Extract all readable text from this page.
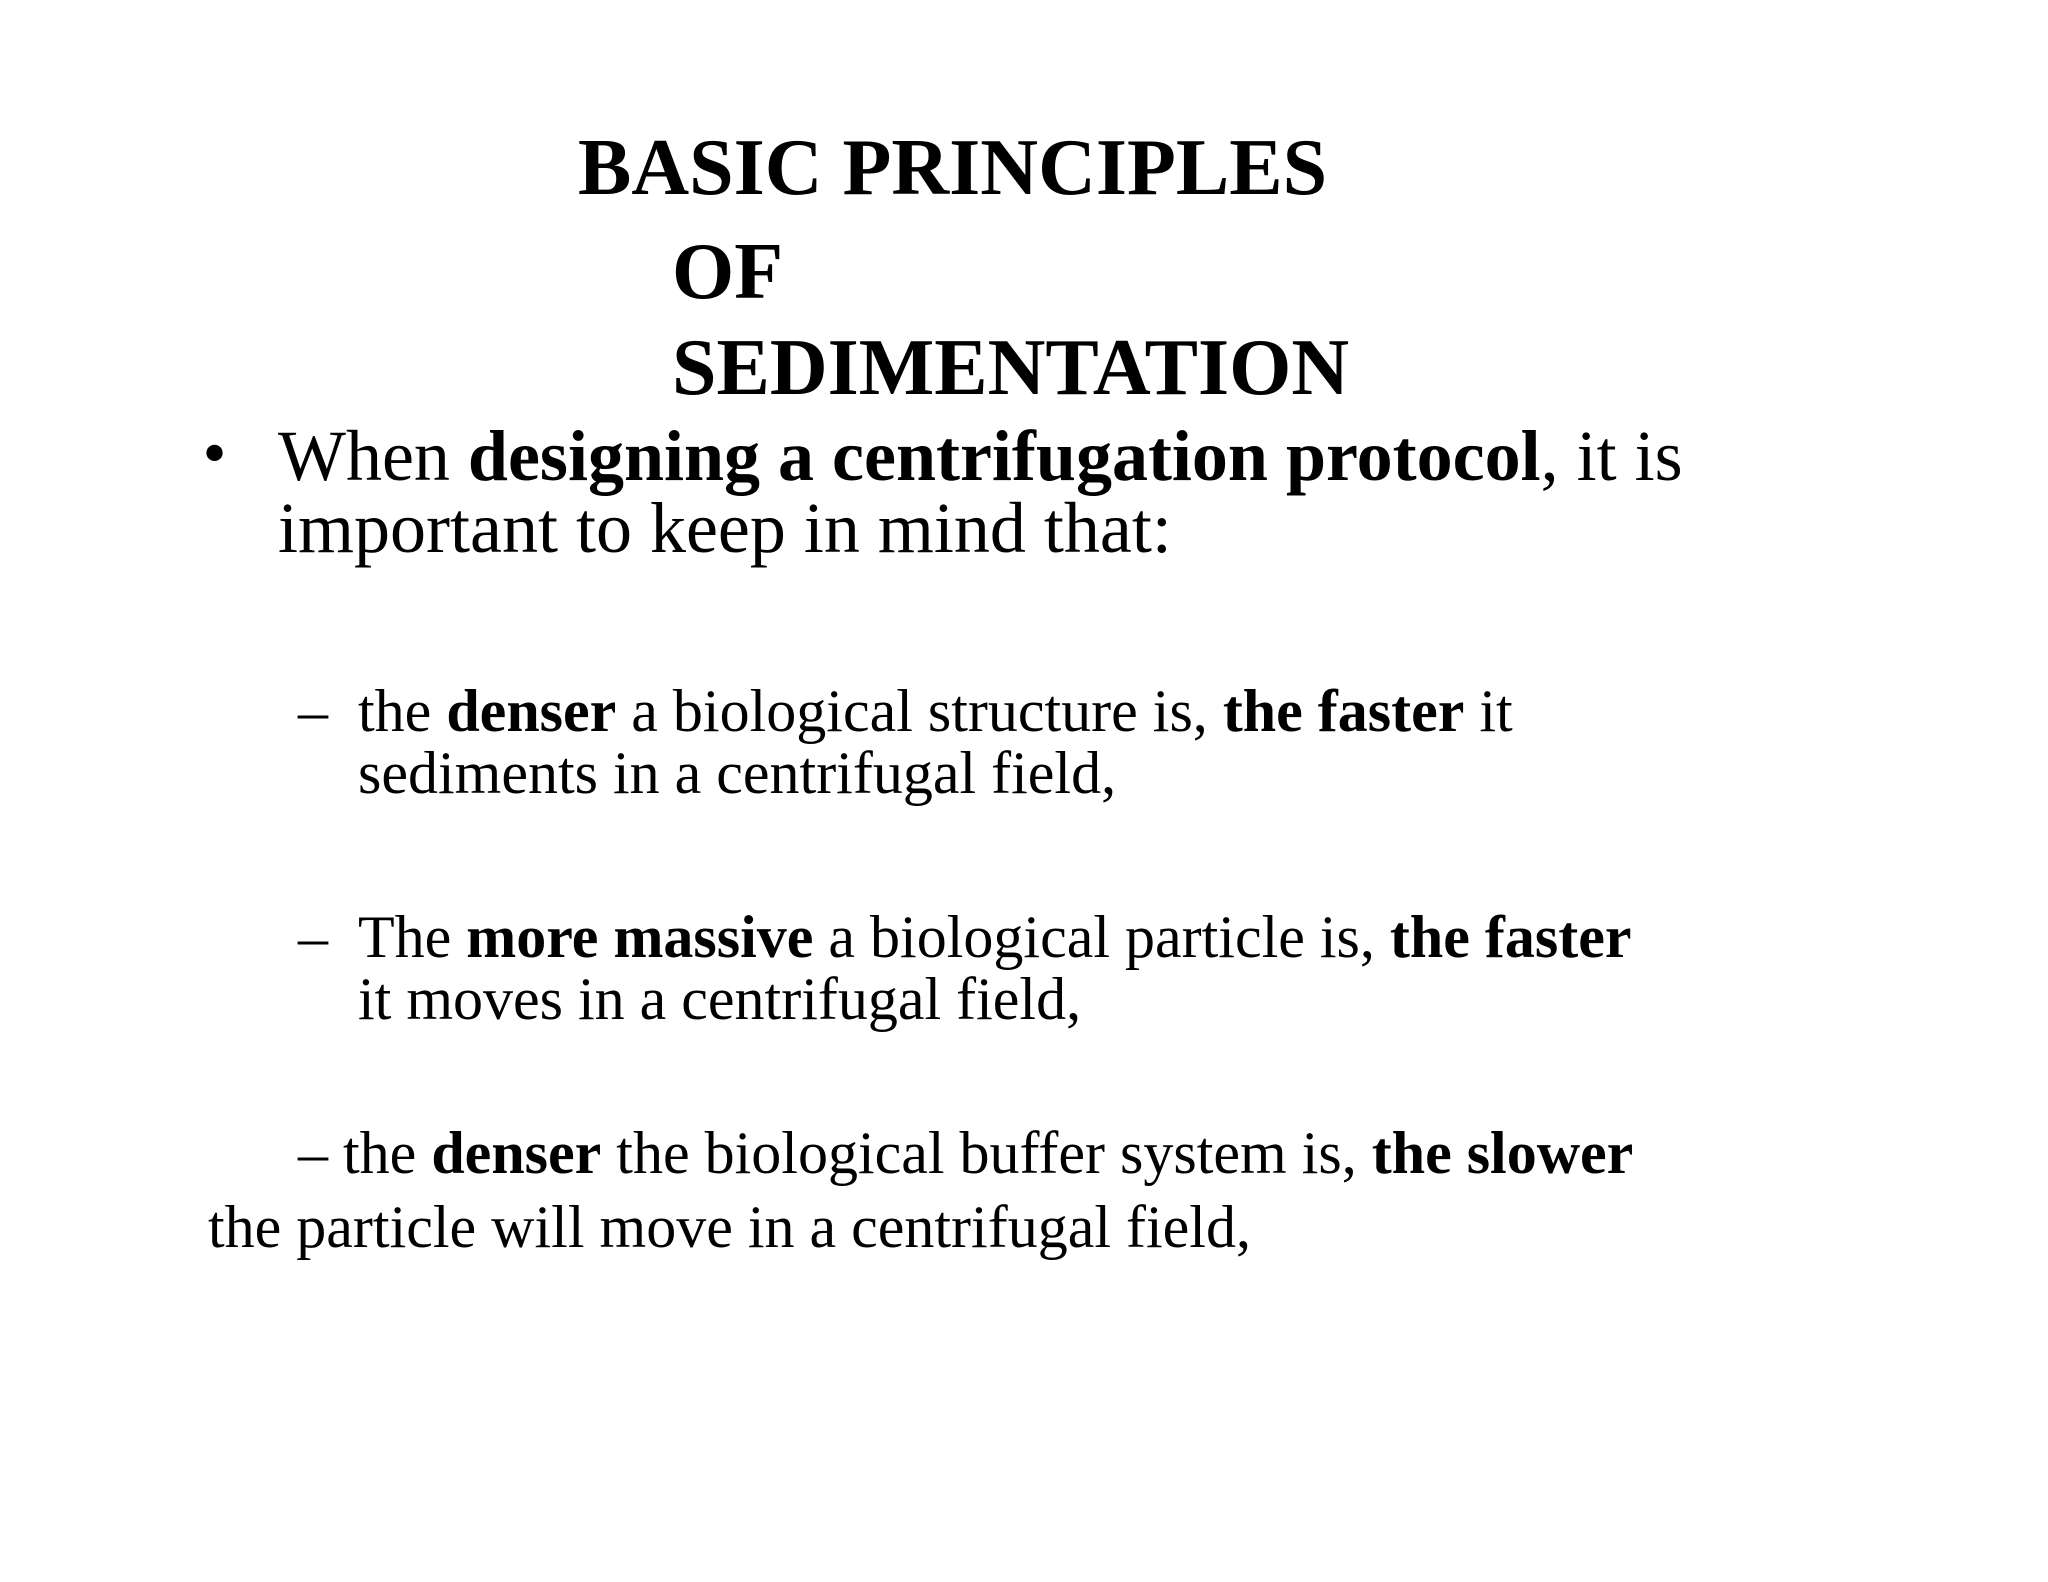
BASIC PRINCIPLES
OF
SEDIMENTATION
• When designing a centrifugation protocol, it is
important to keep in mind that:
– the denser a biological structure is, the faster it
sediments in a centrifugal field,
– The more massive a biological particle is, the faster
it moves in a centrifugal field,
– the denser the biological buffer system is, the slower
the particle will move in a centrifugal field,
